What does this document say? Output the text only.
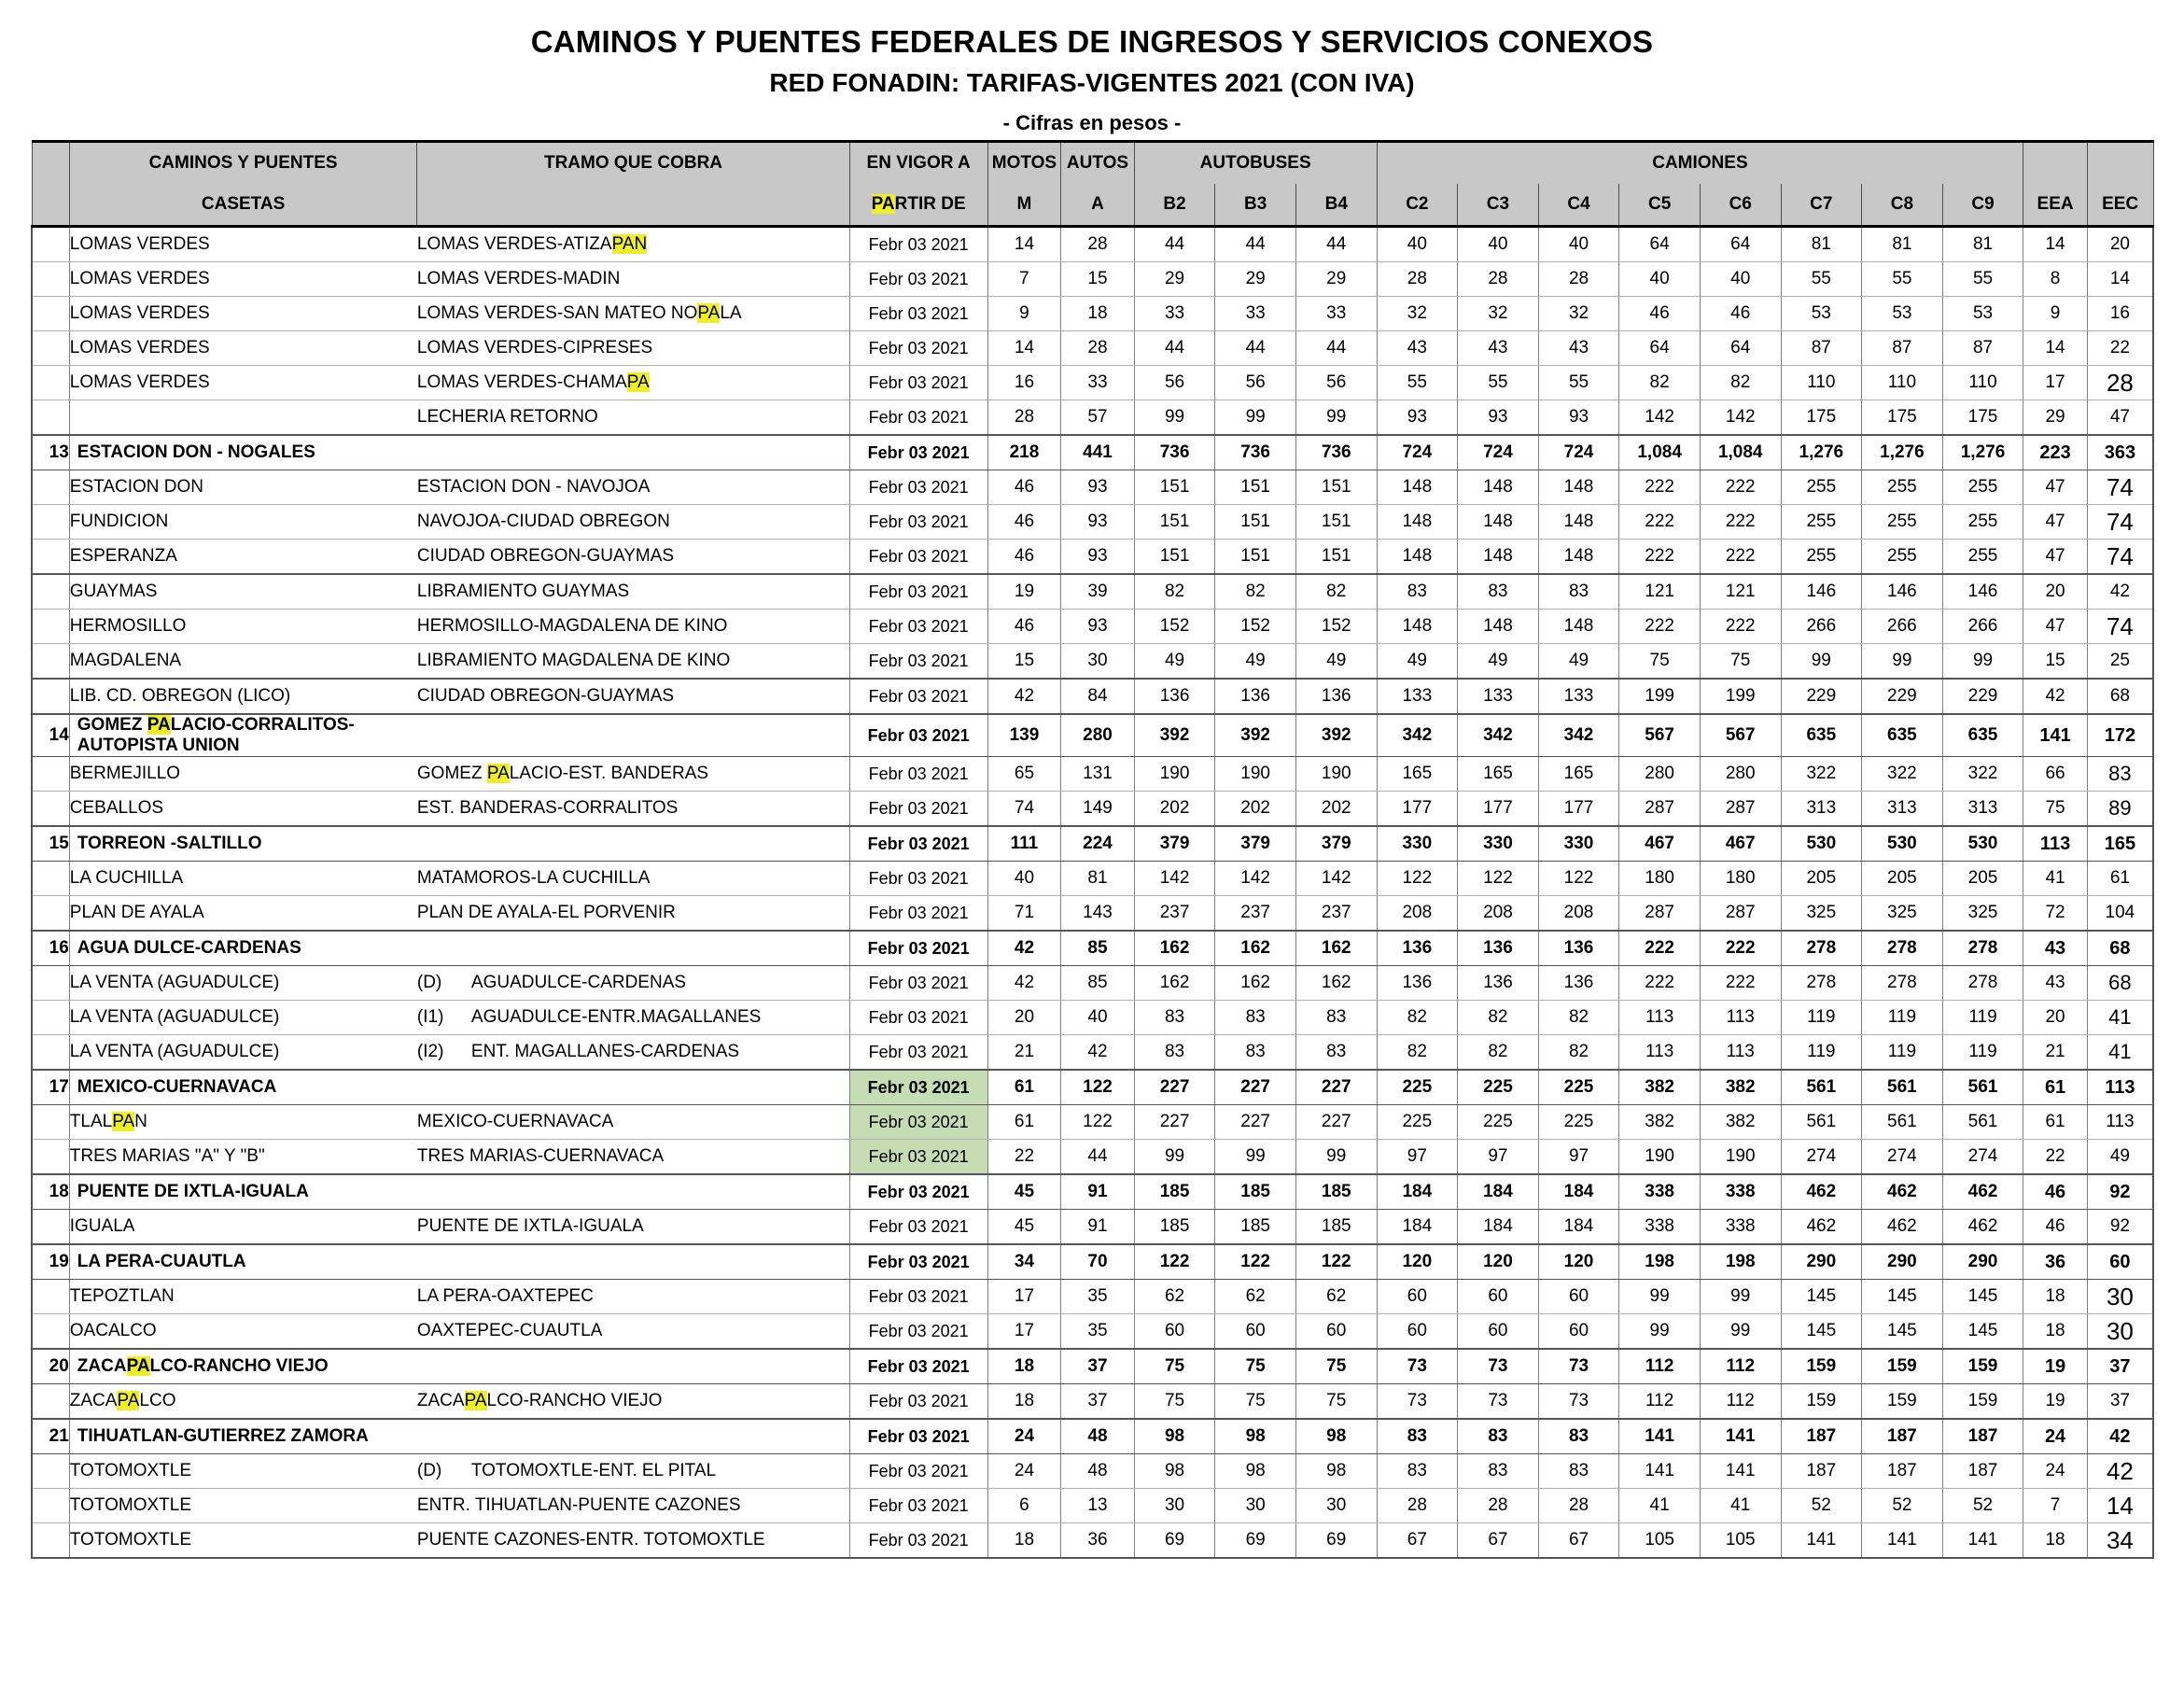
CAMINOS Y PUENTES FEDERALES DE INGRESOS Y SERVICIOS CONEXOS
RED FONADIN: TARIFAS-VIGENTES 2021 (CON IVA)
- Cifras en pesos -
	CAMINOS Y PUENTES	TRAMO QUE COBRA	EN VIGOR A	MOTOS	AUTOS	AUTOBUSES			CAMIONES									
	CASETAS		PARTIR DE	M	A	B2	B3	B4	C2	C3	C4	C5	C6	C7	C8	C9	EEA	EEC
	LOMAS VERDES	LOMAS VERDES-ATIZAPAN	Febr 03 2021	14	28	44	44	44	40	40	40	64	64	81	81	81	14	20
	LOMAS VERDES	LOMAS VERDES-MADIN	Febr 03 2021	7	15	29	29	29	28	28	28	40	40	55	55	55	8	14
	LOMAS VERDES	LOMAS VERDES-SAN MATEO NOPALA	Febr 03 2021	9	18	33	33	33	32	32	32	46	46	53	53	53	9	16
	LOMAS VERDES	LOMAS VERDES-CIPRESES	Febr 03 2021	14	28	44	44	44	43	43	43	64	64	87	87	87	14	22
	LOMAS VERDES	LOMAS VERDES-CHAMAPA	Febr 03 2021	16	33	56	56	56	55	55	55	82	82	110	110	110	17	28
		LECHERIA RETORNO	Febr 03 2021	28	57	99	99	99	93	93	93	142	142	175	175	175	29	47
13	ESTACION DON - NOGALES		Febr 03 2021	218	441	736	736	736	724	724	724	1,084	1,084	1,276	1,276	1,276	223	363
	ESTACION DON	ESTACION DON - NAVOJOA	Febr 03 2021	46	93	151	151	151	148	148	148	222	222	255	255	255	47	74
	FUNDICION	NAVOJOA-CIUDAD OBREGON	Febr 03 2021	46	93	151	151	151	148	148	148	222	222	255	255	255	47	74
	ESPERANZA	CIUDAD OBREGON-GUAYMAS	Febr 03 2021	46	93	151	151	151	148	148	148	222	222	255	255	255	47	74
	GUAYMAS	LIBRAMIENTO GUAYMAS	Febr 03 2021	19	39	82	82	82	83	83	83	121	121	146	146	146	20	42
	HERMOSILLO	HERMOSILLO-MAGDALENA DE KINO	Febr 03 2021	46	93	152	152	152	148	148	148	222	222	266	266	266	47	74
	MAGDALENA	LIBRAMIENTO MAGDALENA DE KINO	Febr 03 2021	15	30	49	49	49	49	49	49	75	75	99	99	99	15	25
	LIB. CD. OBREGON (LICO)	CIUDAD OBREGON-GUAYMAS	Febr 03 2021	42	84	136	136	136	133	133	133	199	199	229	229	229	42	68
14	GOMEZ PALACIO-CORRALITOS-AUTOPISTA UNION		Febr 03 2021	139	280	392	392	392	342	342	342	567	567	635	635	635	141	172
	BERMEJILLO	GOMEZ PALACIO-EST. BANDERAS	Febr 03 2021	65	131	190	190	190	165	165	165	280	280	322	322	322	66	83
	CEBALLOS	EST. BANDERAS-CORRALITOS	Febr 03 2021	74	149	202	202	202	177	177	177	287	287	313	313	313	75	89
15	TORREON -SALTILLO		Febr 03 2021	111	224	379	379	379	330	330	330	467	467	530	530	530	113	165
	LA CUCHILLA	MATAMOROS-LA CUCHILLA	Febr 03 2021	40	81	142	142	142	122	122	122	180	180	205	205	205	41	61
	PLAN DE AYALA	PLAN DE AYALA-EL PORVENIR	Febr 03 2021	71	143	237	237	237	208	208	208	287	287	325	325	325	72	104
16	AGUA DULCE-CARDENAS		Febr 03 2021	42	85	162	162	162	136	136	136	222	222	278	278	278	43	68
	LA VENTA (AGUADULCE)	(D) AGUADULCE-CARDENAS	Febr 03 2021	42	85	162	162	162	136	136	136	222	222	278	278	278	43	68
	LA VENTA (AGUADULCE)	(I1) AGUADULCE-ENTR.MAGALLANES	Febr 03 2021	20	40	83	83	83	82	82	82	113	113	119	119	119	20	41
	LA VENTA (AGUADULCE)	(I2) ENT. MAGALLANES-CARDENAS	Febr 03 2021	21	42	83	83	83	82	82	82	113	113	119	119	119	21	41
17	MEXICO-CUERNAVACA		Febr 03 2021	61	122	227	227	227	225	225	225	382	382	561	561	561	61	113
	TLALPAN	MEXICO-CUERNAVACA	Febr 03 2021	61	122	227	227	227	225	225	225	382	382	561	561	561	61	113
	TRES MARIAS "A" Y "B"	TRES MARIAS-CUERNAVACA	Febr 03 2021	22	44	99	99	99	97	97	97	190	190	274	274	274	22	49
18	PUENTE DE IXTLA-IGUALA		Febr 03 2021	45	91	185	185	185	184	184	184	338	338	462	462	462	46	92
	IGUALA	PUENTE DE IXTLA-IGUALA	Febr 03 2021	45	91	185	185	185	184	184	184	338	338	462	462	462	46	92
19	LA PERA-CUAUTLA		Febr 03 2021	34	70	122	122	122	120	120	120	198	198	290	290	290	36	60
	TEPOZTLAN	LA PERA-OAXTEPEC	Febr 03 2021	17	35	62	62	62	60	60	60	99	99	145	145	145	18	30
	OACALCO	OAXTEPEC-CUAUTLA	Febr 03 2021	17	35	60	60	60	60	60	60	99	99	145	145	145	18	30
20	ZACAPALCO-RANCHO VIEJO		Febr 03 2021	18	37	75	75	75	73	73	73	112	112	159	159	159	19	37
	ZACAPALCO	ZACAPALCO-RANCHO VIEJO	Febr 03 2021	18	37	75	75	75	73	73	73	112	112	159	159	159	19	37
21	TIHUATLAN-GUTIERREZ ZAMORA		Febr 03 2021	24	48	98	98	98	83	83	83	141	141	187	187	187	24	42
	TOTOMOXTLE	(D) TOTOMOXTLE-ENT. EL PITAL	Febr 03 2021	24	48	98	98	98	83	83	83	141	141	187	187	187	24	42
	TOTOMOXTLE	ENTR. TIHUATLAN-PUENTE CAZONES	Febr 03 2021	6	13	30	30	30	28	28	28	41	41	52	52	52	7	14
	TOTOMOXTLE	PUENTE CAZONES-ENTR. TOTOMOXTLE	Febr 03 2021	18	36	69	69	69	67	67	67	105	105	141	141	141	18	34
